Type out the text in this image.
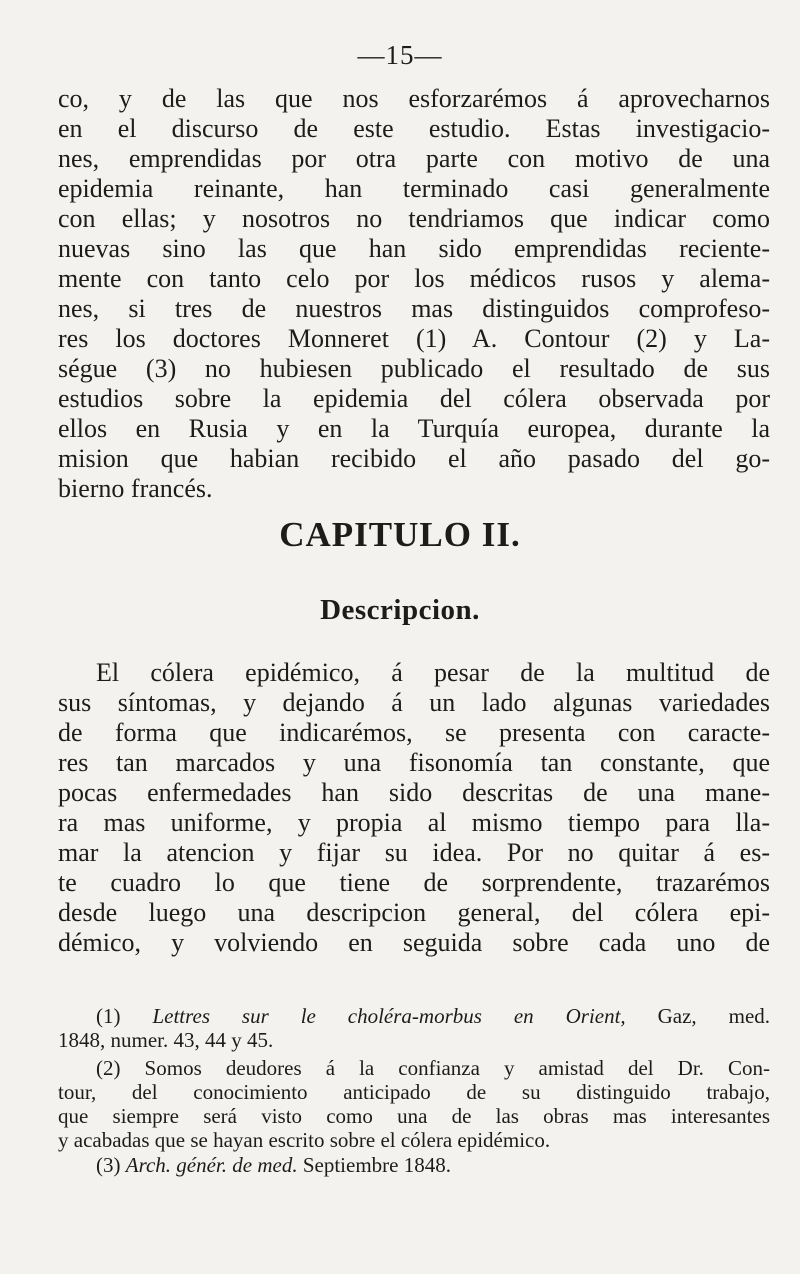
—15—
co, y de las que nos esforzarémos á aprovecharnos
en el discurso de este estudio. Estas investigacio-
nes, emprendidas por otra parte con motivo de una
epidemia reinante, han terminado casi generalmente
con ellas; y nosotros no tendriamos que indicar como
nuevas sino las que han sido emprendidas reciente-
mente con tanto celo por los médicos rusos y alema-
nes, si tres de nuestros mas distinguidos comprofeso-
res los doctores Monneret (1) A. Contour (2) y La-
ségue (3) no hubiesen publicado el resultado de sus
estudios sobre la epidemia del cólera observada por
ellos en Rusia y en la Turquía europea, durante la
mision que habian recibido el año pasado del go-
bierno francés.
CAPITULO II.
Descripcion.
El cólera epidémico, á pesar de la multitud de
sus síntomas, y dejando á un lado algunas variedades
de forma que indicarémos, se presenta con caracte-
res tan marcados y una fisonomía tan constante, que
pocas enfermedades han sido descritas de una mane-
ra mas uniforme, y propia al mismo tiempo para lla-
mar la atencion y fijar su idea. Por no quitar á es-
te cuadro lo que tiene de sorprendente, trazarémos
desde luego una descripcion general, del cólera epi-
démico, y volviendo en seguida sobre cada uno de
(1) Lettres sur le choléra-morbus en Orient, Gaz, med.
1848, numer. 43, 44 y 45.
(2) Somos deudores á la confianza y amistad del Dr. Con-
tour, del conocimiento anticipado de su distinguido trabajo,
que siempre será visto como una de las obras mas interesantes
y acabadas que se hayan escrito sobre el cólera epidémico.
(3) Arch. génér. de med. Septiembre 1848.
